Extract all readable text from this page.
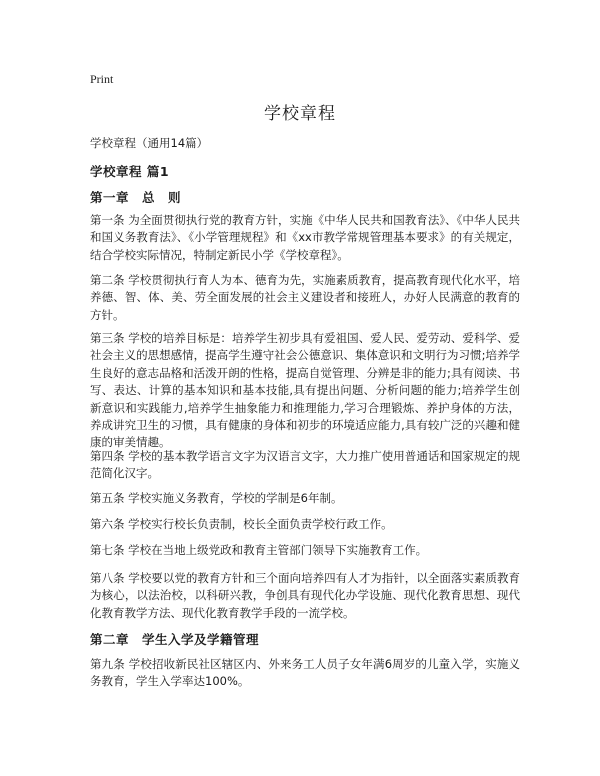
Print
学校章程
学校章程（通用14篇）
学校章程 篇1
第一章　总　则
第一条 为全面贯彻执行党的教育方针，实施《中华人民共和国教育法》、《中华人民共和国义务教育法》、《小学管理规程》和《xx市教学常规管理基本要求》的有关规定，结合学校实际情况，特制定新民小学《学校章程》。
第二条 学校贯彻执行育人为本、德育为先，实施素质教育，提高教育现代化水平，培养德、智、体、美、劳全面发展的社会主义建设者和接班人，办好人民满意的教育的方针。
第三条 学校的培养目标是：培养学生初步具有爱祖国、爱人民、爱劳动、爱科学、爱社会主义的思想感情，提高学生遵守社会公德意识、集体意识和文明行为习惯;培养学生良好的意志品格和活泼开朗的性格，提高自觉管理、分辨是非的能力;具有阅读、书写、表达、计算的基本知识和基本技能,具有提出问题、分析问题的能力;培养学生创新意识和实践能力,培养学生抽象能力和推理能力,学习合理锻炼、养护身体的方法，养成讲究卫生的习惯，具有健康的身体和初步的环境适应能力,具有较广泛的兴趣和健康的审美情趣。
第四条 学校的基本教学语言文字为汉语言文字，大力推广使用普通话和国家规定的规范简化汉字。
第五条 学校实施义务教育，学校的学制是6年制。
第六条 学校实行校长负责制，校长全面负责学校行政工作。
第七条 学校在当地上级党政和教育主管部门领导下实施教育工作。
第八条 学校要以党的教育方针和三个面向培养四有人才为指针，以全面落实素质教育为核心，以法治校，以科研兴教，争创具有现代化办学设施、现代化教育思想、现代化教育教学方法、现代化教育教学手段的一流学校。
第二章　学生入学及学籍管理
第九条 学校招收新民社区辖区内、外来务工人员子女年满6周岁的儿童入学，实施义务教育，学生入学率达100%。
